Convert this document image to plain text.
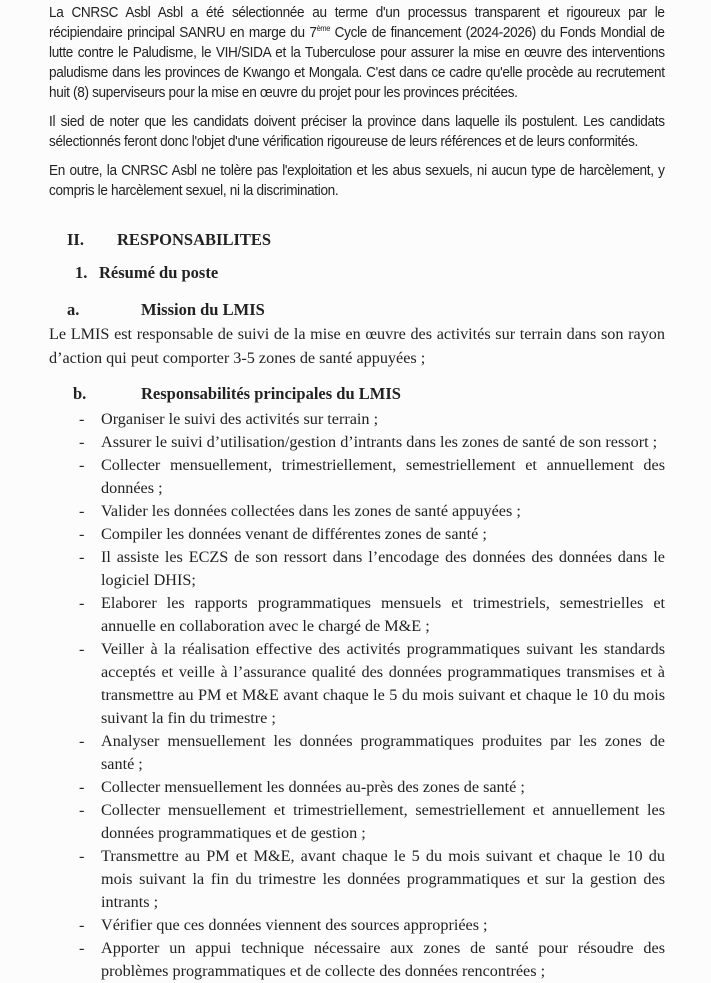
La CNRSC Asbl Asbl a été sélectionnée au terme d'un processus transparent et rigoureux par le récipiendaire principal SANRU en marge du 7ème Cycle de financement (2024-2026) du Fonds Mondial de lutte contre le Paludisme, le VIH/SIDA et la Tuberculose pour assurer la mise en œuvre des interventions paludisme dans les provinces de Kwango et Mongala. C'est dans ce cadre qu'elle procède au recrutement huit (8) superviseurs pour la mise en œuvre du projet pour les provinces précitées.

Il sied de noter que les candidats doivent préciser la province dans laquelle ils postulent. Les candidats sélectionnés feront donc l'objet d'une vérification rigoureuse de leurs références et de leurs conformités.

En outre, la CNRSC Asbl ne tolère pas l'exploitation et les abus sexuels, ni aucun type de harcèlement, y compris le harcèlement sexuel, ni la discrimination.

II. RESPONSABILITES
1. Résumé du poste
a.	Mission du LMIS
Le LMIS est responsable de suivi de la mise en œuvre des activités sur terrain dans son rayon d’action qui peut comporter 3-5 zones de santé appuyées ;
b.	Responsabilités principales du LMIS
- Organiser le suivi des activités sur terrain ;
- Assurer le suivi d’utilisation/gestion d’intrants dans les zones de santé de son ressort ;
- Collecter mensuellement, trimestriellement, semestriellement et annuellement des données ;
- Valider les données collectées dans les zones de santé appuyées ;
- Compiler les données venant de différentes zones de santé ;
- Il assiste les ECZS de son ressort dans l’encodage des données des données dans le logiciel DHIS;
- Elaborer les rapports programmatiques mensuels et trimestriels, semestrielles et annuelle en collaboration avec le chargé de M&E ;
- Veiller à la réalisation effective des activités programmatiques suivant les standards acceptés et veille à l’assurance qualité des données programmatiques transmises et à transmettre au PM et M&E avant chaque le 5 du mois suivant et chaque le 10 du mois suivant la fin du trimestre ;
- Analyser mensuellement les données programmatiques produites par les zones de santé ;
- Collecter mensuellement les données au-près des zones de santé ;
- Collecter mensuellement et trimestriellement, semestriellement et annuellement les données programmatiques et de gestion ;
- Transmettre au PM et M&E, avant chaque le 5 du mois suivant et chaque le 10 du mois suivant la fin du trimestre les données programmatiques et sur la gestion des intrants ;
- Vérifier que ces données viennent des sources appropriées ;
- Apporter un appui technique nécessaire aux zones de santé pour résoudre des problèmes programmatiques et de collecte des données rencontrées ;
